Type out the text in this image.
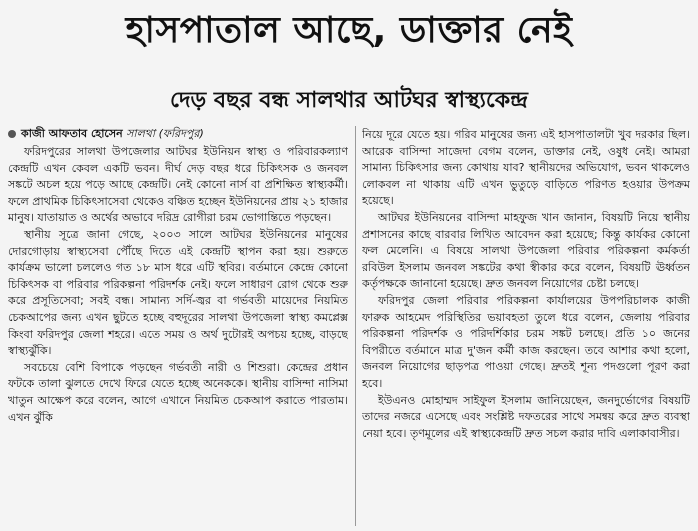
হাসপাতাল আছে, ডাক্তার নেই
দেড় বছর বন্ধ সালথার আটঘর স্বাস্থ্যকেন্দ্র
কাজী আফতাব হোসেন সালথা (ফরিদপুর)

ফরিদপুরের সালথা উপজেলার আটঘর ইউনিয়ন স্বাস্থ্য ও পরিবারকল্যাণ কেন্দ্রটি এখন কেবল একটি ভবন। দীর্ঘ দেড় বছর ধরে চিকিৎসক ও জনবল সঙ্কটে অচল হয়ে পড়ে আছে কেন্দ্রটি। নেই কোনো নার্স বা প্রশিক্ষিত স্বাস্থ্যকর্মী। ফলে প্রাথমিক চিকিৎসাসেবা থেকেও বঞ্চিত হচ্ছেন ইউনিয়নের প্রায় ২১ হাজার মানুষ। যাতায়াত ও অর্থের অভাবে দরিদ্র রোগীরা চরম ভোগান্তিতে পড়ছেন।

স্থানীয় সূত্রে জানা গেছে, ২০০৩ সালে আটঘর ইউনিয়নের মানুষের দোরগোড়ায় স্বাস্থ্যসেবা পৌঁছে দিতে এই কেন্দ্রটি স্থাপন করা হয়। শুরুতে কার্যক্রম ভালো চললেও গত ১৮ মাস ধরে এটি স্থবির। বর্তমানে কেন্দ্রে কোনো চিকিৎসক বা পরিবার পরিকল্পনা পরিদর্শক নেই। ফলে সাধারণ রোগ থেকে শুরু করে প্রসূতিসেবা; সবই বন্ধ। সামান্য সর্দি-জ্বর বা গর্ভবতী মায়েদের নিয়মিত চেকআপের জন্য এখন ছুটতে হচ্ছে বহুদূরের সালথা উপজেলা স্বাস্থ্য কমপ্লেক্স কিংবা ফরিদপুর জেলা শহরে। এতে সময় ও অর্থ দুটোরই অপচয় হচ্ছে, বাড়ছে স্বাস্থ্যঝুঁকি।

সবচেয়ে বেশি বিপাকে পড়ছেন গর্ভবতী নারী ও শিশুরা। কেন্দ্রের প্রধান ফটকে তালা ঝুলতে দেখে ফিরে যেতে হচ্ছে অনেককে। স্থানীয় বাসিন্দা নাসিমা খাতুন আক্ষেপ করে বলেন, আগে এখানে নিয়মিত চেকআপ করাতে পারতাম। এখন ঝুঁকি

নিয়ে দূরে যেতে হয়। গরিব মানুষের জন্য এই হাসপাতালটা খুব দরকার ছিল। আরেক বাসিন্দা সাজেদা বেগম বলেন, ডাক্তার নেই, ওষুধ নেই। আমরা সামান্য চিকিৎসার জন্য কোথায় যাব? স্থানীয়দের অভিযোগ, ভবন থাকলেও লোকবল না থাকায় এটি এখন ভুতুড়ে বাড়িতে পরিণত হওয়ার উপক্রম হয়েছে।

আটঘর ইউনিয়নের বাসিন্দা মাহফুজ খান জানান, বিষয়টি নিয়ে স্থানীয় প্রশাসনের কাছে বারবার লিখিত আবেদন করা হয়েছে; কিন্তু কার্যকর কোনো ফল মেলেনি। এ বিষয়ে সালথা উপজেলা পরিবার পরিকল্পনা কর্মকর্তা রবিউল ইসলাম জনবল সঙ্কটের কথা স্বীকার করে বলেন, বিষয়টি ঊর্ধ্বতন কর্তৃপক্ষকে জানানো হয়েছে। দ্রুত জনবল নিয়োগের চেষ্টা চলছে।

ফরিদপুর জেলা পরিবার পরিকল্পনা কার্যালয়ের উপপরিচালক কাজী ফারুক আহমেদ পরিস্থিতির ভয়াবহতা তুলে ধরে বলেন, জেলায় পরিবার পরিকল্পনা পরিদর্শক ও পরিদর্শিকার চরম সঙ্কট চলছে। প্রতি ১০ জনের বিপরীতে বর্তমানে মাত্র দু'জন কর্মী কাজ করছেন। তবে আশার কথা হলো, জনবল নিয়োগের ছাড়পত্র পাওয়া গেছে। দ্রুতই শূন্য পদগুলো পূরণ করা হবে।

ইউএনও মোহাম্মদ সাইফুল ইসলাম জানিয়েছেন, জনদুর্ভোগের বিষয়টি তাদের নজরে এসেছে এবং সংশ্লিষ্ট দফতরের সাথে সমন্বয় করে দ্রুত ব্যবস্থা নেয়া হবে। তৃণমূলের এই স্বাস্থ্যকেন্দ্রটি দ্রুত সচল করার দাবি এলাকাবাসীর।
